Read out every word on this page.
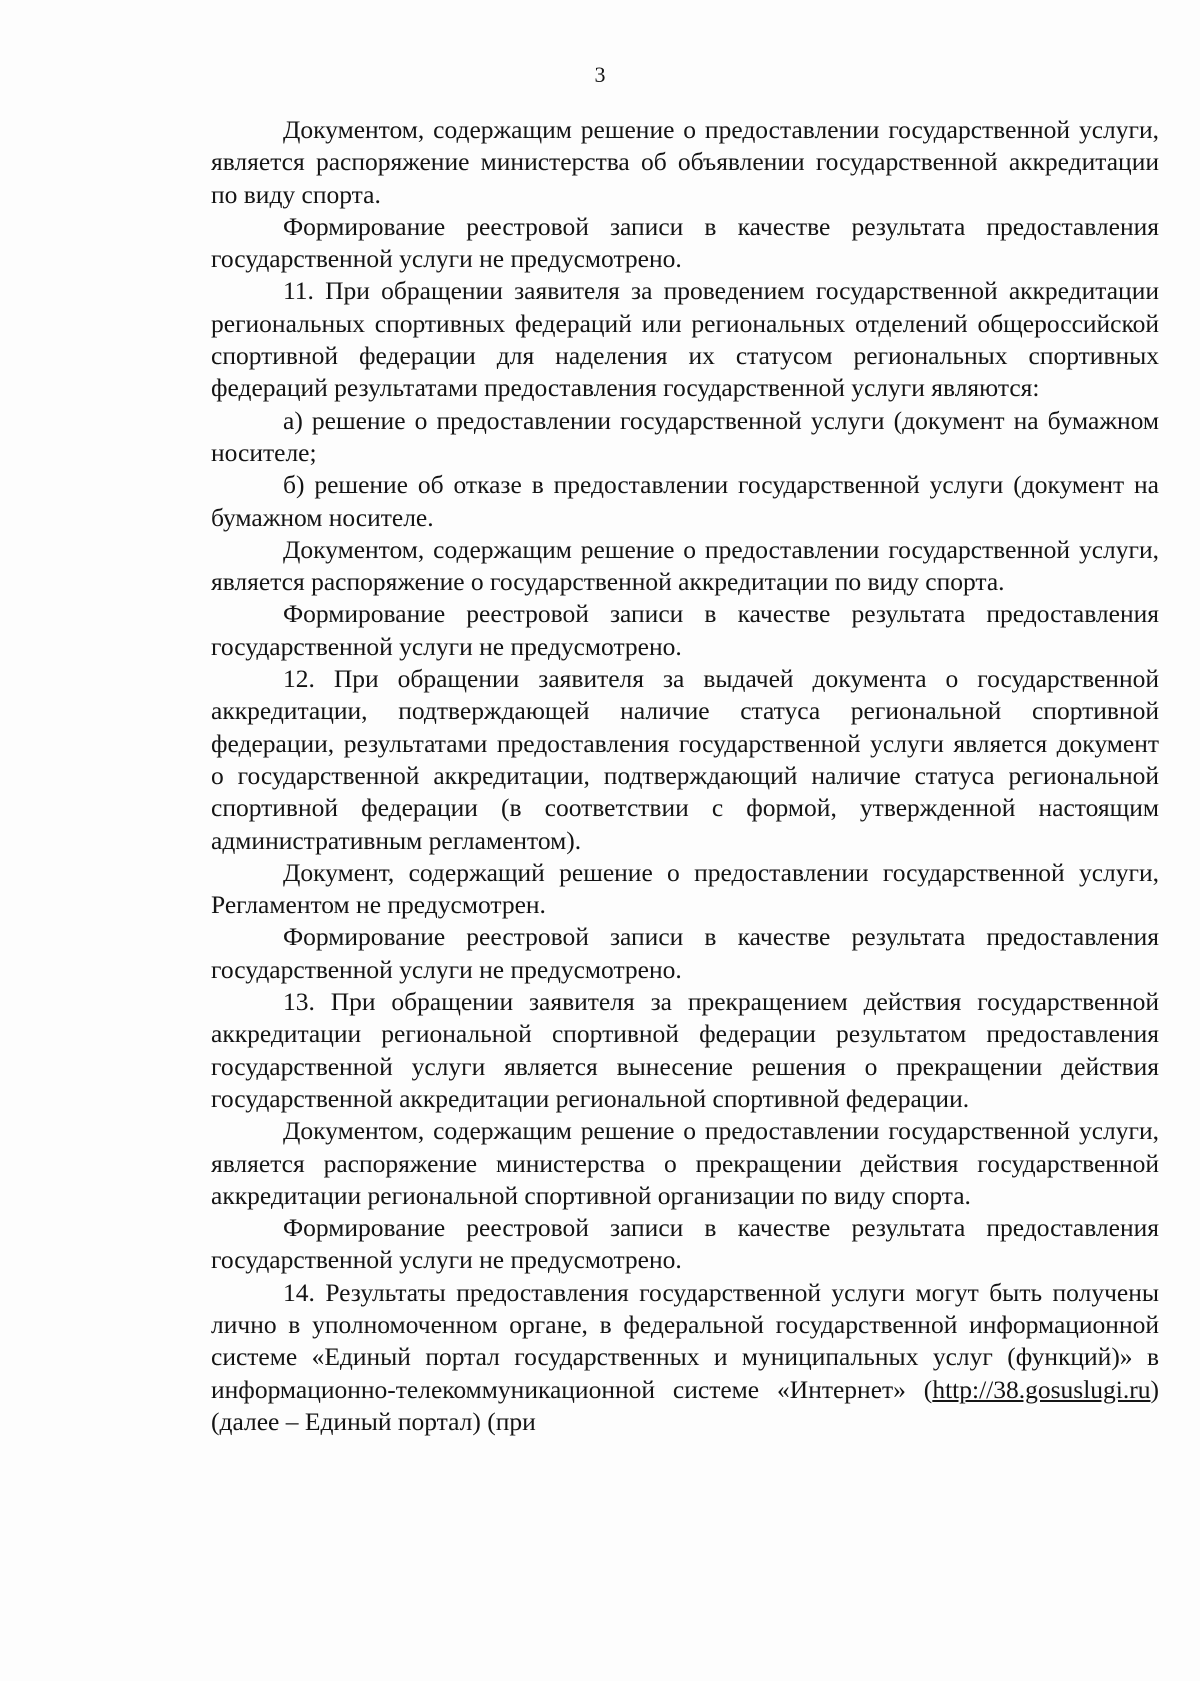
3

Документом, содержащим решение о предоставлении государственной услуги, является распоряжение министерства об объявлении государственной аккредитации по виду спорта.

Формирование реестровой записи в качестве результата предоставления государственной услуги не предусмотрено.

11. При обращении заявителя за проведением государственной аккредитации региональных спортивных федераций или региональных отделений общероссийской спортивной федерации для наделения их статусом региональных спортивных федераций результатами предоставления государственной услуги являются:

а) решение о предоставлении государственной услуги (документ на бумажном носителе;

б) решение об отказе в предоставлении государственной услуги (документ на бумажном носителе.

Документом, содержащим решение о предоставлении государственной услуги, является распоряжение о государственной аккредитации по виду спорта.

Формирование реестровой записи в качестве результата предоставления государственной услуги не предусмотрено.

12. При обращении заявителя за выдачей документа о государственной аккредитации, подтверждающей наличие статуса региональной спортивной федерации, результатами предоставления государственной услуги является документ о государственной аккредитации, подтверждающий наличие статуса региональной спортивной федерации (в соответствии с формой, утвержденной настоящим административным регламентом).

Документ, содержащий решение о предоставлении государственной услуги, Регламентом не предусмотрен.

Формирование реестровой записи в качестве результата предоставления государственной услуги не предусмотрено.

13. При обращении заявителя за прекращением действия государственной аккредитации региональной спортивной федерации результатом предоставления государственной услуги является вынесение решения о прекращении действия государственной аккредитации региональной спортивной федерации.

Документом, содержащим решение о предоставлении государственной услуги, является распоряжение министерства о прекращении действия государственной аккредитации региональной спортивной организации по виду спорта.

Формирование реестровой записи в качестве результата предоставления государственной услуги не предусмотрено.

14. Результаты предоставления государственной услуги могут быть получены лично в уполномоченном органе, в федеральной государственной информационной системе «Единый портал государственных и муниципальных услуг (функций)» в информационно-телекоммуникационной системе «Интернет» (http://38.gosuslugi.ru) (далее – Единый портал) (при
